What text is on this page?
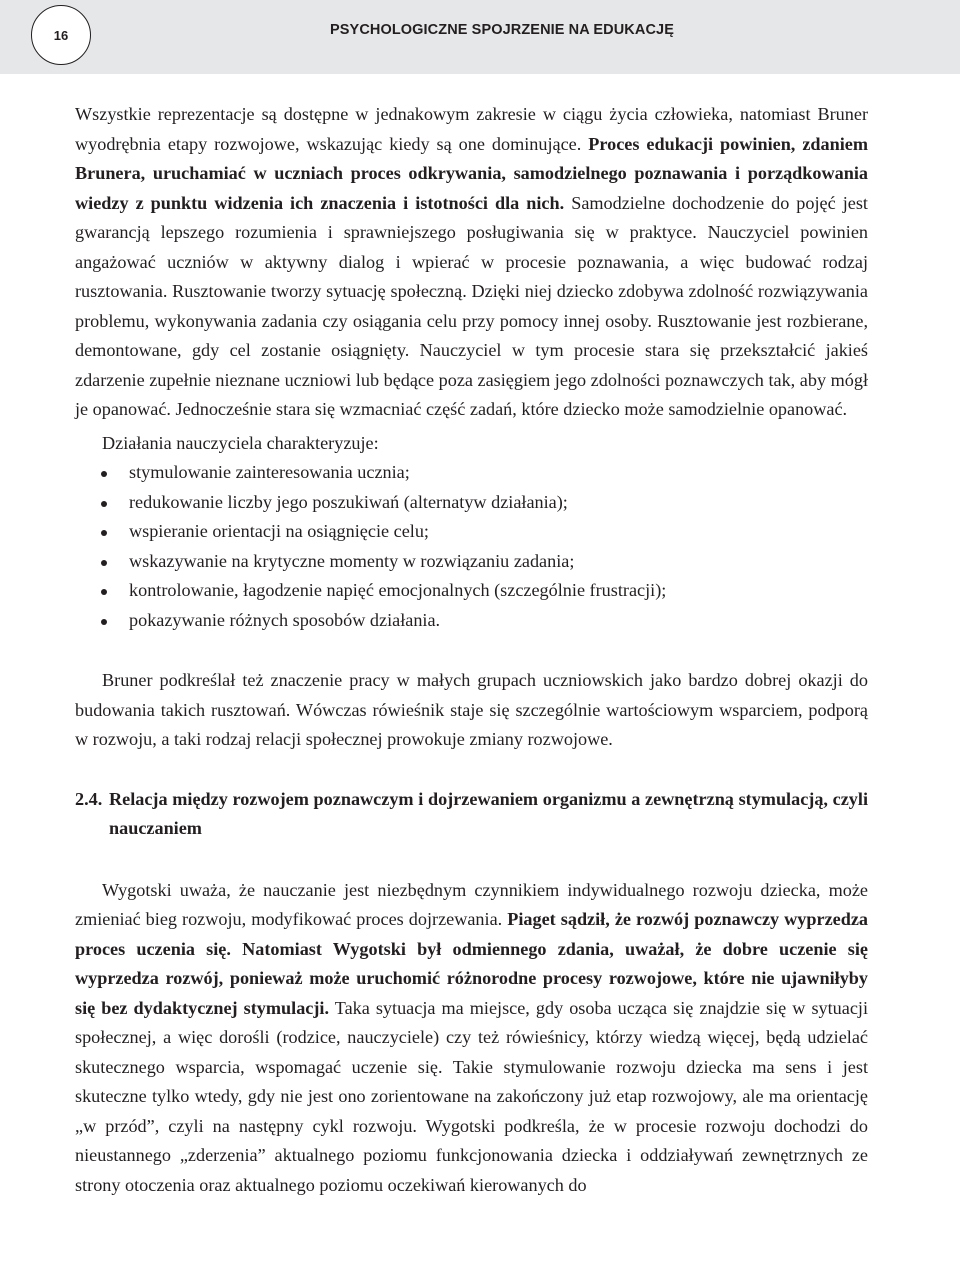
16	PSYCHOLOGICZNE SPOJRZENIE NA EDUKACJĘ

Wszystkie reprezentacje są dostępne w jednakowym zakresie w ciągu życia człowieka, natomiast Bruner wyodrębnia etapy rozwojowe, wskazując kiedy są one dominujące. Proces edukacji powinien, zdaniem Brunera, uruchamiać w uczniach proces odkrywania, samodzielnego poznawania i porządkowania wiedzy z punktu widzenia ich znaczenia i istotności dla nich. Samodzielne dochodzenie do pojęć jest gwarancją lepszego rozumienia i sprawniejszego posługiwania się w praktyce. Nauczyciel powinien angażować uczniów w aktywny dialog i wpierać w procesie poznawania, a więc budować rodzaj rusztowania. Rusztowanie tworzy sytuację społeczną. Dzięki niej dziecko zdobywa zdolność rozwiązywania problemu, wykonywania zadania czy osiągania celu przy pomocy innej osoby. Rusztowanie jest rozbierane, demontowane, gdy cel zostanie osiągnięty. Nauczyciel w tym procesie stara się przekształcić jakieś zdarzenie zupełnie nieznane uczniowi lub będące poza zasięgiem jego zdolności poznawczych tak, aby mógł je opanować. Jednocześnie stara się wzmacniać część zadań, które dziecko może samodzielnie opanować.

Działania nauczyciela charakteryzuje:

stymulowanie zainteresowania ucznia;
redukowanie liczby jego poszukiwań (alternatyw działania);
wspieranie orientacji na osiągnięcie celu;
wskazywanie na krytyczne momenty w rozwiązaniu zadania;
kontrolowanie, łagodzenie napięć emocjonalnych (szczególnie frustracji);
pokazywanie różnych sposobów działania.

Bruner podkreślał też znaczenie pracy w małych grupach uczniowskich jako bardzo dobrej okazji do budowania takich rusztowań. Wówczas rówieśnik staje się szczególnie wartościowym wsparciem, podporą w rozwoju, a taki rodzaj relacji społecznej prowokuje zmiany rozwojowe.

2.4. Relacja między rozwojem poznawczym i dojrzewaniem organizmu a zewnętrzną stymulacją, czyli nauczaniem

Wygotski uważa, że nauczanie jest niezbędnym czynnikiem indywidualnego rozwoju dziecka, może zmieniać bieg rozwoju, modyfikować proces dojrzewania. Piaget sądził, że rozwój poznawczy wyprzedza proces uczenia się. Natomiast Wygotski był odmiennego zdania, uważał, że dobre uczenie się wyprzedza rozwój, ponieważ może uruchomić różnorodne procesy rozwojowe, które nie ujawniłyby się bez dydaktycznej stymulacji. Taka sytuacja ma miejsce, gdy osoba ucząca się znajdzie się w sytuacji społecznej, a więc dorośli (rodzice, nauczyciele) czy też rówieśnicy, którzy wiedzą więcej, będą udzielać skutecznego wsparcia, wspomagać uczenie się. Takie stymulowanie rozwoju dziecka ma sens i jest skuteczne tylko wtedy, gdy nie jest ono zorientowane na zakończony już etap rozwojowy, ale ma orientację „w przód”, czyli na następny cykl rozwoju. Wygotski podkreśla, że w procesie rozwoju dochodzi do nieustannego „zderzenia” aktualnego poziomu funkcjonowania dziecka i oddziaływań zewnętrznych ze strony otoczenia oraz aktualnego poziomu oczekiwań kierowanych do
